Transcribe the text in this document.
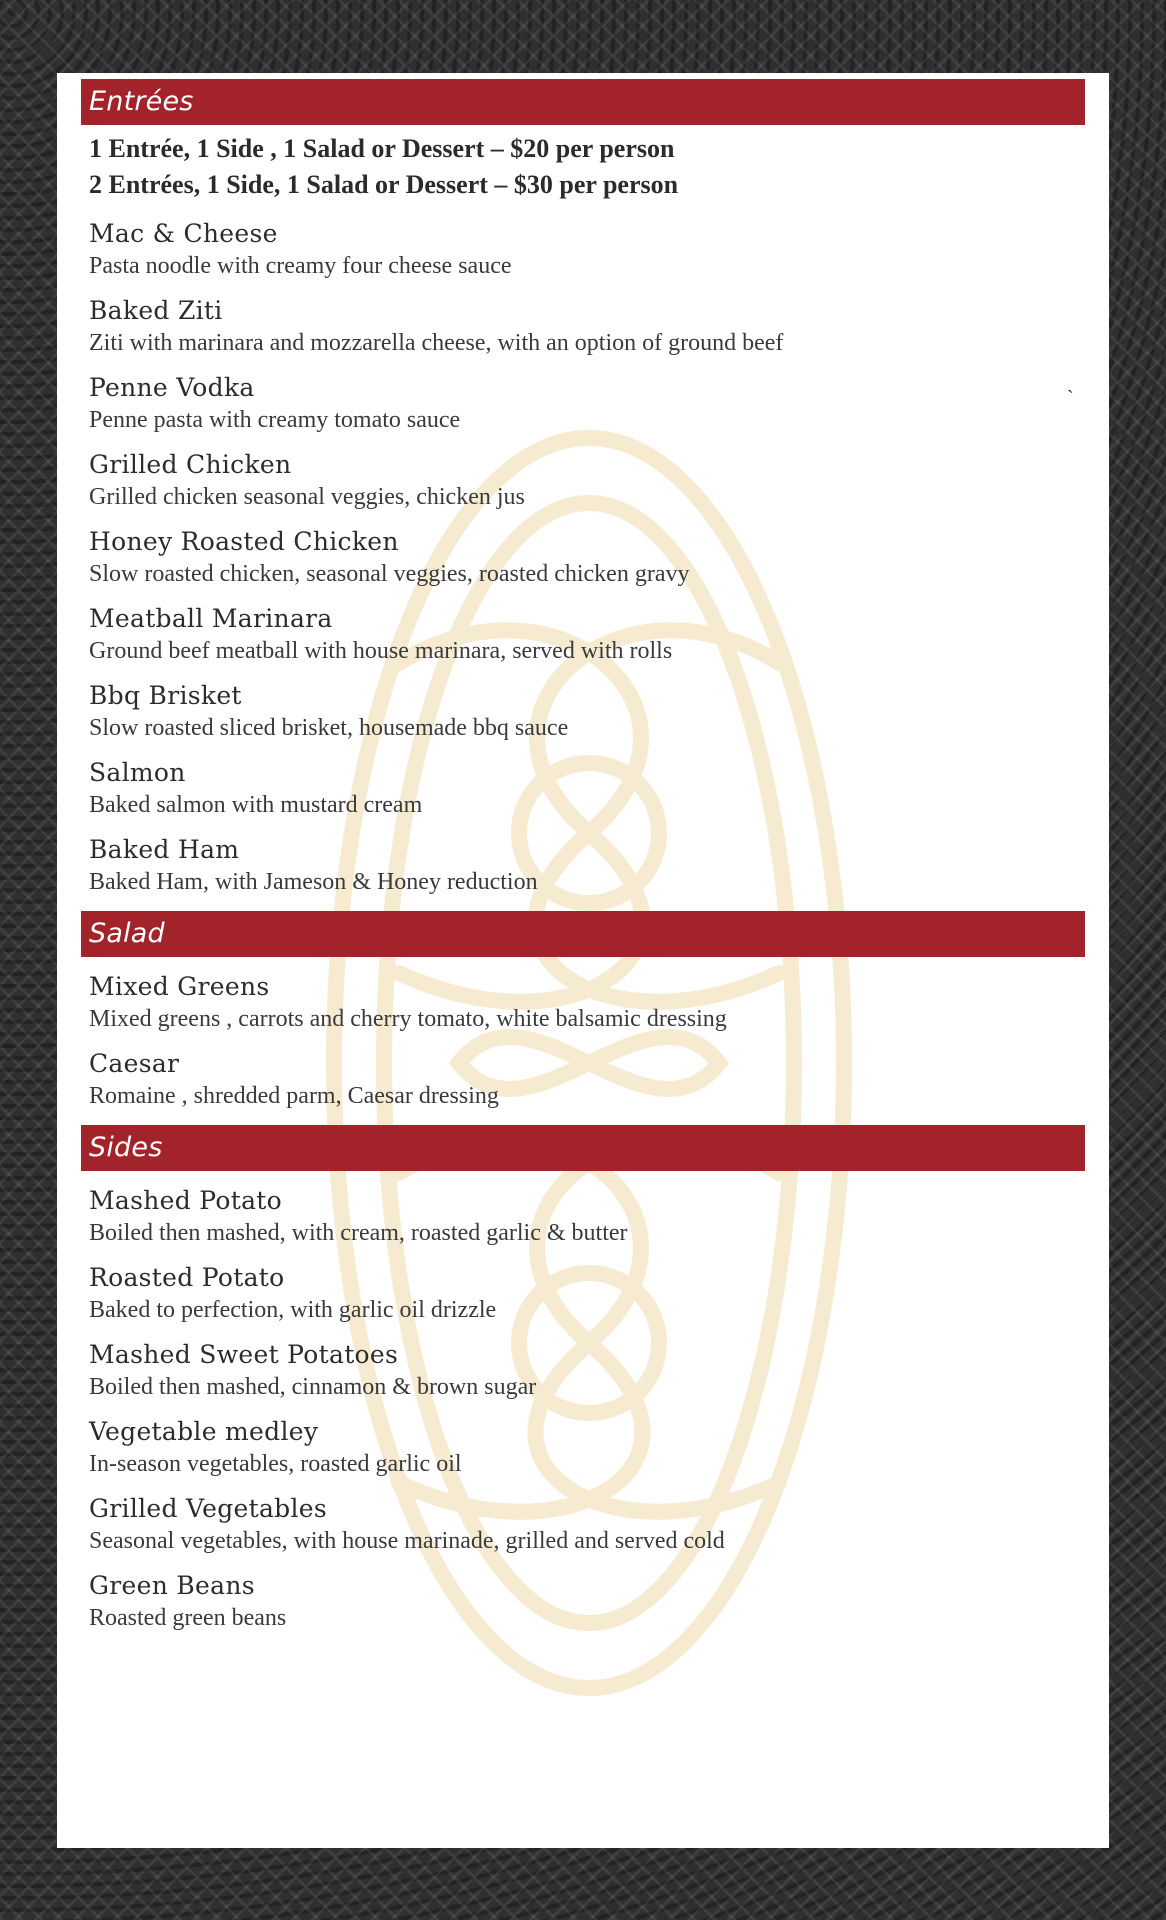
`
Entrées
1 Entrée, 1 Side , 1 Salad or Dessert – $20 per person
2 Entrées, 1 Side, 1 Salad or Dessert – $30 per person
Mac & Cheese
Pasta noodle with creamy four cheese sauce
Baked Ziti
Ziti with marinara and mozzarella cheese, with an option of ground beef
Penne Vodka
Penne pasta with creamy tomato sauce
Grilled Chicken
Grilled chicken seasonal veggies, chicken jus
Honey Roasted Chicken
Slow roasted chicken, seasonal veggies, roasted chicken gravy
Meatball Marinara
Ground beef meatball with house marinara, served with rolls
Bbq Brisket
Slow roasted sliced brisket, housemade bbq sauce
Salmon
Baked salmon with mustard cream
Baked Ham
Baked Ham, with Jameson & Honey reduction
Salad
Mixed Greens
Mixed greens , carrots and cherry tomato, white balsamic dressing
Caesar
Romaine , shredded parm, Caesar dressing
Sides
Mashed Potato
Boiled then mashed, with cream, roasted garlic & butter
Roasted Potato
Baked to perfection, with garlic oil drizzle
Mashed Sweet Potatoes
Boiled then mashed, cinnamon & brown sugar
Vegetable medley
In-season vegetables, roasted garlic oil
Grilled Vegetables
Seasonal vegetables, with house marinade, grilled and served cold
Green Beans
Roasted green beans
